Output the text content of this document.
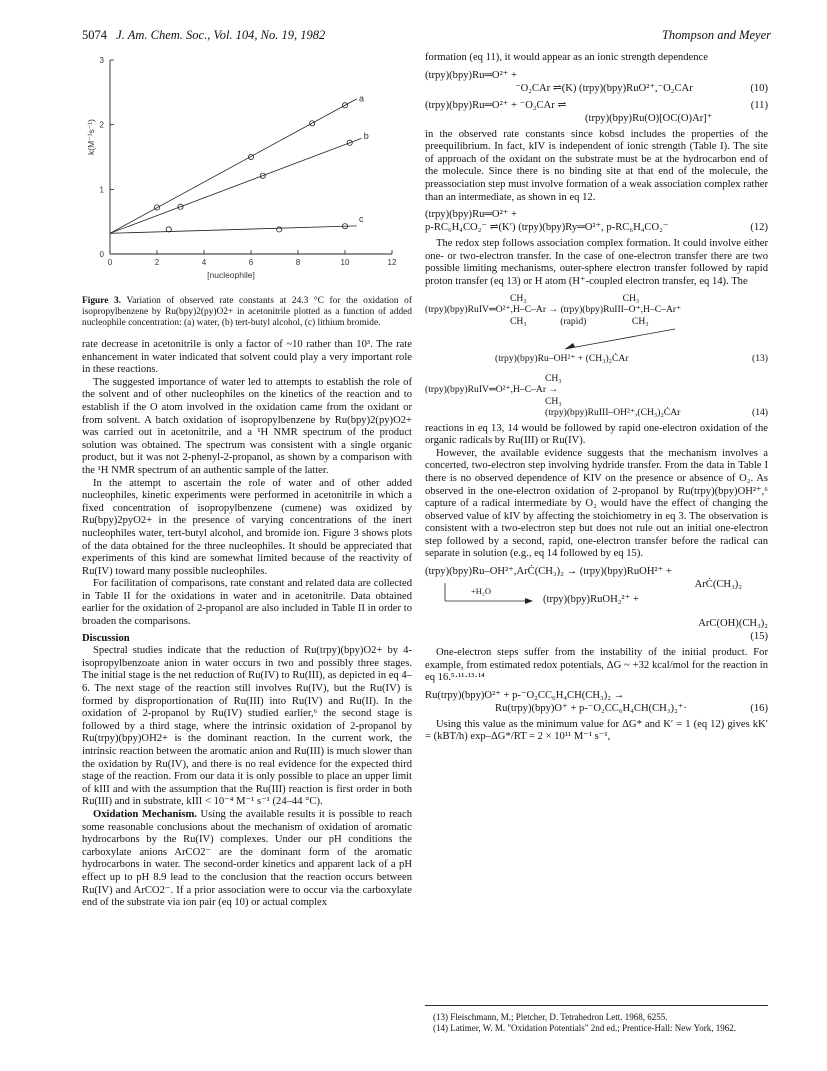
5074 J. Am. Chem. Soc., Vol. 104, No. 19, 1982	Thompson and Meyer
0	2	4	6	8	10	12
0
1
2
3
[nucleophile]
k(M⁻¹s⁻¹)
a
b
c
Figure 3. Variation of observed rate constants at 24.3 °C for the oxidation of isopropylbenzene by Ru(bpy)2(py)O2+ in acetonitrile plotted as a function of added nucleophile concentration: (a) water, (b) tert-butyl alcohol, (c) lithium bromide.

rate decrease in acetonitrile is only a factor of ~10 rather than 10³. The rate enhancement in water indicated that solvent could play a very important role in these reactions.

The suggested importance of water led to attempts to establish the role of the solvent and of other nucleophiles on the kinetics of the reaction and to establish if the O atom involved in the oxidation came from the oxidant or from solvent. A batch oxidation of isopropylbenzene by Ru(bpy)2(py)O2+ was carried out in acetonitrile, and a ¹H NMR spectrum of the product solution was obtained. The spectrum was consistent with a single organic product, but it was not 2-phenyl-2-propanol, as shown by a comparison with the ¹H NMR spectrum of an authentic sample of the latter.

In the attempt to ascertain the role of water and of other added nucleophiles, kinetic experiments were performed in acetonitrile in which a fixed concentration of isopropylbenzene (cumene) was oxidized by Ru(bpy)2pyO2+ in the presence of varying concentrations of the inert nucleophiles water, tert-butyl alcohol, and bromide ion. Figure 3 shows plots of the data obtained for the three nucleophiles. It should be appreciated that experiments of this kind are somewhat limited because of the reactivity of Ru(IV) toward many possible nucleophiles.

For facilitation of comparisons, rate constant and related data are collected in Table II for the oxidations in water and in acetonitrile. Data obtained earlier for the oxidation of 2-propanol are also included in Table II in order to broaden the comparisons.

Discussion

Spectral studies indicate that the reduction of Ru(trpy)(bpy)O2+ by 4-isopropylbenzoate anion in water occurs in two and possibly three stages. The initial stage is the net reduction of Ru(IV) to Ru(III), as depicted in eq 4–6. The next stage of the reaction still involves Ru(IV), but the Ru(IV) is formed by disproportionation of Ru(III) into Ru(IV) and Ru(II). In the oxidation of 2-propanol by Ru(IV) studied earlier,⁶ the second stage is followed by a third stage, where the intrinsic oxidation of 2-propanol by Ru(trpy)(bpy)OH2+ is the dominant reaction. In the current work, the intrinsic reaction between the aromatic anion and Ru(III) is much slower than the oxidation by Ru(IV), and there is no real evidence for the expected third stage of the reaction. From our data it is only possible to place an upper limit of kIII and with the assumption that the Ru(III) reaction is first order in both Ru(III) and in substrate, kIII < 10⁻⁴ M⁻¹ s⁻¹ (24–44 °C).

Oxidation Mechanism. Using the available results it is possible to reach some reasonable conclusions about the mechanism of oxidation of aromatic hydrocarbons by the Ru(IV) complexes. Under our pH conditions the carboxylate anions ArCO2⁻ are the dominant form of the aromatic hydrocarbons in water. The second-order kinetics and apparent lack of a pH effect up to pH 8.9 lead to the conclusion that the reaction occurs between Ru(IV) and ArCO2⁻. If a prior association were to occur via the carboxylate end of the substrate via ion pair (eq 10) or actual complex

formation (eq 11), it would appear as an ionic strength dependence

(trpy)(bpy)Ru═O²⁺ +
⁻O₂CAr ⇌(K) (trpy)(bpy)RuO²⁺,⁻O₂CAr	(10)
(trpy)(bpy)Ru═O²⁺ + ⁻O₂CAr ⇌
(trpy)(bpy)Ru(O)[OC(O)Ar]⁺
(11)

in the observed rate constants since kobsd includes the properties of the preequilibrium. In fact, kIV is independent of ionic strength (Table I). The site of approach of the oxidant on the substrate must be at the hydrocarbon end of the molecule. Since there is no binding site at that end of the molecule, the preassociation step must involve formation of a weak association complex rather than an intermediate, as shown in eq 12.

(trpy)(bpy)Ru═O²⁺ +
p-RC₆H₄CO₂⁻ ⇌(K′) (trpy)(bpy)Ry═O²⁺, p-RC₆H₄CO₂⁻	(12)

The redox step follows association complex formation. It could involve either one- or two-electron transfer. In the case of one-electron transfer there are two possible limiting mechanisms, outer-sphere electron transfer followed by rapid proton transfer (eq 13) or H atom (H⁺-coupled electron transfer, eq 14). The

CH₃                                        CH₃
(trpy)(bpy)RuIV═O²⁺,H–C–Ar → (trpy)(bpy)RuIII–O⁺,H–C–Ar⁺
CH₃              (rapid)                   CH₃
(trpy)(bpy)Ru–OH²⁺ + (CH₃)₂ĊAr	(13)
CH₃
(trpy)(bpy)RuIV═O²⁺,H–C–Ar →
CH₃
(trpy)(bpy)RuIII–OH²⁺,(CH₃)₂ĊAr	(14)

reactions in eq 13, 14 would be followed by rapid one-electron oxidation of the organic radicals by Ru(III) or Ru(IV).

However, the available evidence suggests that the mechanism involves a concerted, two-electron step involving hydride transfer. From the data in Table I there is no observed dependence of KIV on the presence or absence of O₂. As observed in the one-electron oxidation of 2-propanol by Ru(trpy)(bpy)OH²⁺,⁶ capture of a radical intermediate by O₂ would have the effect of changing the observed value of kIV by affecting the stoichiometry in eq 3. The observation is consistent with a two-electron step but does not rule out an initial one-electron step followed by a second, rapid, one-electron transfer before the radical can separate in solution (e.g., eq 14 followed by eq 15).

(trpy)(bpy)Ru–OH²⁺,ArĊ(CH₃)₂ → (trpy)(bpy)RuOH²⁺ +
ArĊ(CH₃)₂
+H₂O
(trpy)(bpy)RuOH₂²⁺ +
ArC(OH)(CH₃)₂
(15)

One-electron steps suffer from the instability of the initial product. For example, from estimated redox potentials, ΔG ~ +32 kcal/mol for the reaction in eq 16.⁵·¹¹·¹³·¹⁴

Ru(trpy)(bpy)O²⁺ + p-⁻O₂CC₆H₄CH(CH₃)₂ →
Ru(trpy)(bpy)O⁺ + p-⁻O₂CC₆H₄CH(CH₃)₂⁺·	(16)

Using this value as the minimum value for ΔG* and K′ = 1 (eq 12) gives kK′ = (kBT/h) exp–ΔG*/RT = 2 × 10¹¹ M⁻¹ s⁻¹,

(13) Fleischmann, M.; Pletcher, D. Tetrahedron Lett. 1968, 6255.
(14) Latimer, W. M. "Oxidation Potentials" 2nd ed.; Prentice-Hall: New York, 1962.
